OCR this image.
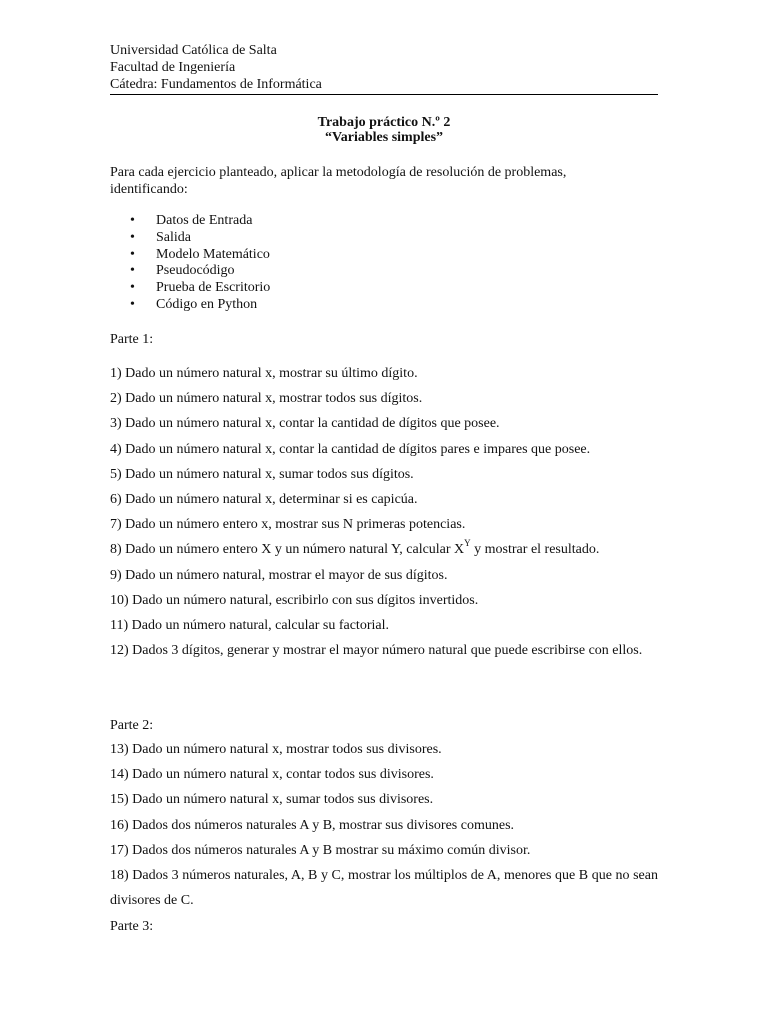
Universidad Católica de Salta

Facultad de Ingeniería

Cátedra: Fundamentos de Informática

Trabajo práctico N.º 2
“Variables simples”

Para cada ejercicio planteado, aplicar la metodología de resolución de problemas, identificando:

• Datos de Entrada
• Salida
• Modelo Matemático
• Pseudocódigo
• Prueba de Escritorio
• Código en Python

Parte 1:

1) Dado un número natural x, mostrar su último dígito.

2) Dado un número natural x, mostrar todos sus dígitos.

3) Dado un número natural x, contar la cantidad de dígitos que posee.

4) Dado un número natural x, contar la cantidad de dígitos pares e impares que posee.

5) Dado un número natural x, sumar todos sus dígitos.

6) Dado un número natural x, determinar si es capicúa.

7) Dado un número entero x, mostrar sus N primeras potencias.

8) Dado un número entero X y un número natural Y, calcular $X^Y$ y mostrar el resultado.

9) Dado un número natural, mostrar el mayor de sus dígitos.

10) Dado un número natural, escribirlo con sus dígitos invertidos.

11) Dado un número natural, calcular su factorial.

12) Dados 3 dígitos, generar y mostrar el mayor número natural que puede escribirse con ellos.

Parte 2:

13) Dado un número natural x, mostrar todos sus divisores.

14) Dado un número natural x, contar todos sus divisores.

15) Dado un número natural x, sumar todos sus divisores.

16) Dados dos números naturales A y B, mostrar sus divisores comunes.

17) Dados dos números naturales A y B mostrar su máximo común divisor.

18) Dados 3 números naturales, A, B y C, mostrar los múltiplos de A, menores que B que no sean divisores de C.

Parte 3:
